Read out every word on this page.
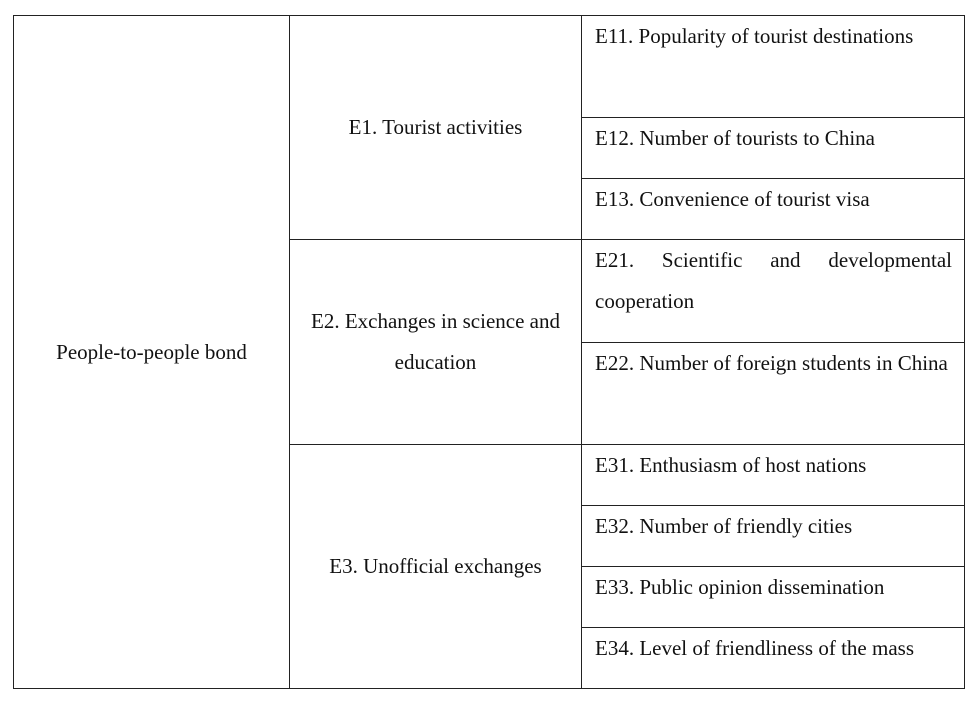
People-to-people bond	E1. Tourist activities	E11. Popularity of tourist destinations
		E12. Number of tourists to China
		E13. Convenience of tourist visa
	E2. Exchanges in science and education	E21. Scientific and developmental cooperation
		E22. Number of foreign students in China
	E3. Unofficial exchanges	E31. Enthusiasm of host nations
		E32. Number of friendly cities
		E33. Public opinion dissemination
		E34. Level of friendliness of the mass
